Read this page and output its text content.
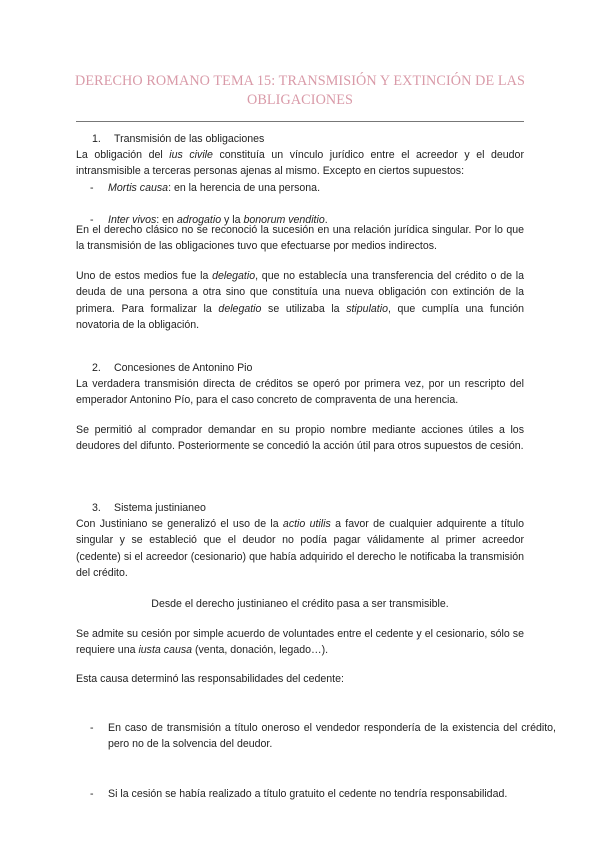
DERECHO ROMANO TEMA 15: TRANSMISIÓN Y EXTINCIÓN DE LAS
OBLIGACIONES
1. Transmisión de las obligaciones
La obligación del ius civile constituía un vínculo jurídico entre el acreedor y el deudor intransmisible a terceras personas ajenas al mismo. Excepto en ciertos supuestos:
- Mortis causa: en la herencia de una persona.
- Inter vivos: en adrogatio y la bonorum venditio.
En el derecho clásico no se reconoció la sucesión en una relación jurídica singular. Por lo que la transmisión de las obligaciones tuvo que efectuarse por medios indirectos.
Uno de estos medios fue la delegatio, que no establecía una transferencia del crédito o de la deuda de una persona a otra sino que constituía una nueva obligación con extinción de la primera. Para formalizar la delegatio se utilizaba la stipulatio, que cumplía una función novatoria de la obligación.
2. Concesiones de Antonino Pio
La verdadera transmisión directa de créditos se operó por primera vez, por un rescripto del emperador Antonino Pío, para el caso concreto de compraventa de una herencia.
Se permitió al comprador demandar en su propio nombre mediante acciones útiles a los deudores del difunto. Posteriormente se concedió la acción útil para otros supuestos de cesión.
3. Sistema justinianeo
Con Justiniano se generalizó el uso de la actio utilis a favor de cualquier adquirente a título singular y se estableció que el deudor no podía pagar válidamente al primer acreedor (cedente) si el acreedor (cesionario) que había adquirido el derecho le notificaba la transmisión del crédito.
Desde el derecho justinianeo el crédito pasa a ser transmisible.
Se admite su cesión por simple acuerdo de voluntades entre el cedente y el cesionario, sólo se requiere una iusta causa (venta, donación, legado…).
Esta causa determinó las responsabilidades del cedente:
- En caso de transmisión a título oneroso el vendedor respondería de la existencia del crédito, pero no de la solvencia del deudor.
- Si la cesión se había realizado a título gratuito el cedente no tendría responsabilidad.
